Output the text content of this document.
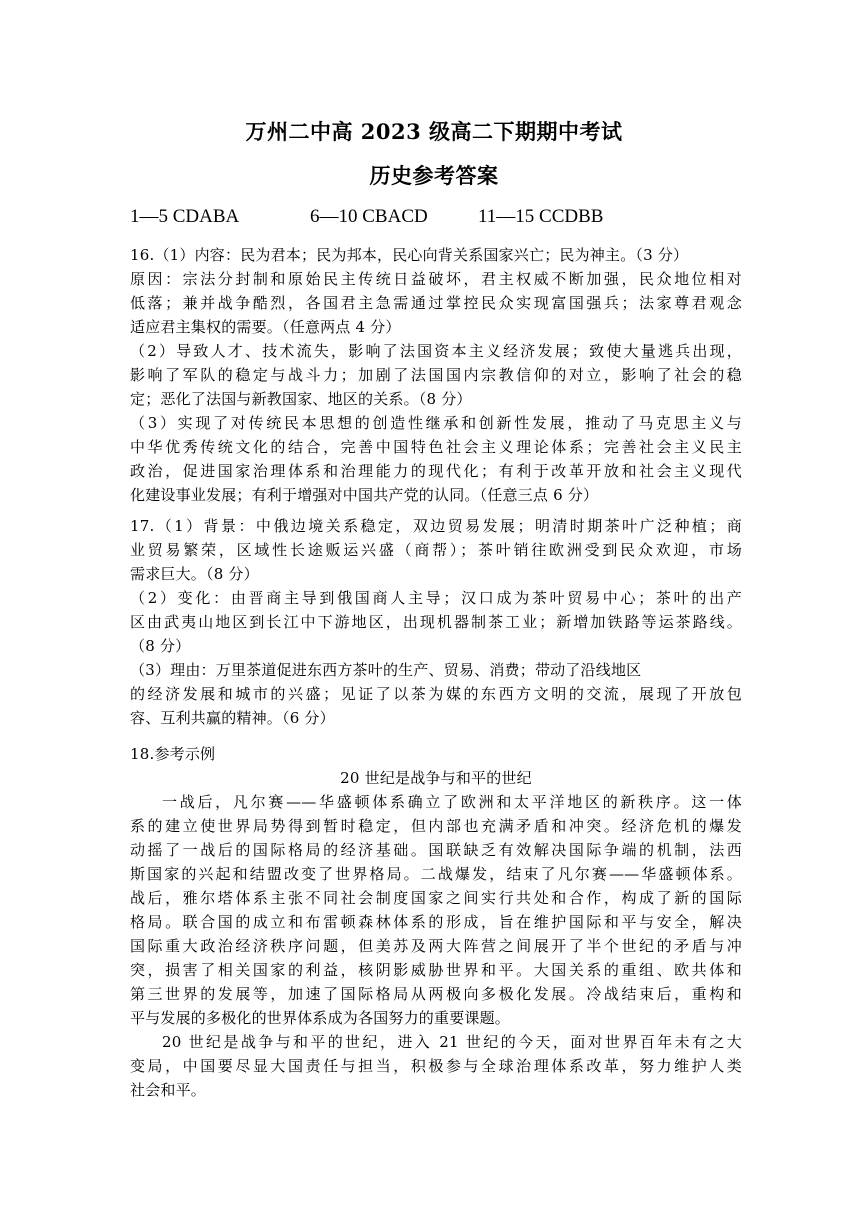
万州二中高 2023 级高二下期期中考试
历史参考答案
1—5 CDABA	6—10 CBACD	11—15 CCDBB
16.（1）内容：民为君本；民为邦本，民心向背关系国家兴亡；民为神主。（3 分）
原因：宗法分封制和原始民主传统日益破坏，君主权威不断加强，民众地位相对
低落；兼并战争酷烈，各国君主急需通过掌控民众实现富国强兵；法家尊君观念
适应君主集权的需要。（任意两点 4 分）
（2）导致人才、技术流失，影响了法国资本主义经济发展；致使大量逃兵出现，
影响了军队的稳定与战斗力；加剧了法国国内宗教信仰的对立，影响了社会的稳
定；恶化了法国与新教国家、地区的关系。（8 分）
（3）实现了对传统民本思想的创造性继承和创新性发展，推动了马克思主义与
中华优秀传统文化的结合，完善中国特色社会主义理论体系；完善社会主义民主
政治，促进国家治理体系和治理能力的现代化；有利于改革开放和社会主义现代
化建设事业发展；有利于增强对中国共产党的认同。（任意三点 6 分）
17.（1）背景：中俄边境关系稳定，双边贸易发展；明清时期茶叶广泛种植；商
业贸易繁荣，区域性长途贩运兴盛（商帮）；茶叶销往欧洲受到民众欢迎，市场
需求巨大。（8 分）
（2）变化：由晋商主导到俄国商人主导；汉口成为茶叶贸易中心；茶叶的出产
区由武夷山地区到长江中下游地区，出现机器制茶工业；新增加铁路等运茶路线。
（8 分）
（3）理由：万里茶道促进东西方茶叶的生产、贸易、消费；带动了沿线地区
的经济发展和城市的兴盛；见证了以茶为媒的东西方文明的交流，展现了开放包
容、互利共赢的精神。（6 分）
18.参考示例
20 世纪是战争与和平的世纪
一战后，凡尔赛——华盛顿体系确立了欧洲和太平洋地区的新秩序。这一体
系的建立使世界局势得到暂时稳定，但内部也充满矛盾和冲突。经济危机的爆发
动摇了一战后的国际格局的经济基础。国联缺乏有效解决国际争端的机制，法西
斯国家的兴起和结盟改变了世界格局。二战爆发，结束了凡尔赛——华盛顿体系。
战后，雅尔塔体系主张不同社会制度国家之间实行共处和合作，构成了新的国际
格局。联合国的成立和布雷顿森林体系的形成，旨在维护国际和平与安全，解决
国际重大政治经济秩序问题，但美苏及两大阵营之间展开了半个世纪的矛盾与冲
突，损害了相关国家的利益，核阴影威胁世界和平。大国关系的重组、欧共体和
第三世界的发展等，加速了国际格局从两极向多极化发展。冷战结束后，重构和
平与发展的多极化的世界体系成为各国努力的重要课题。
20 世纪是战争与和平的世纪，进入 21 世纪的今天，面对世界百年未有之大
变局，中国要尽显大国责任与担当，积极参与全球治理体系改革，努力维护人类
社会和平。
